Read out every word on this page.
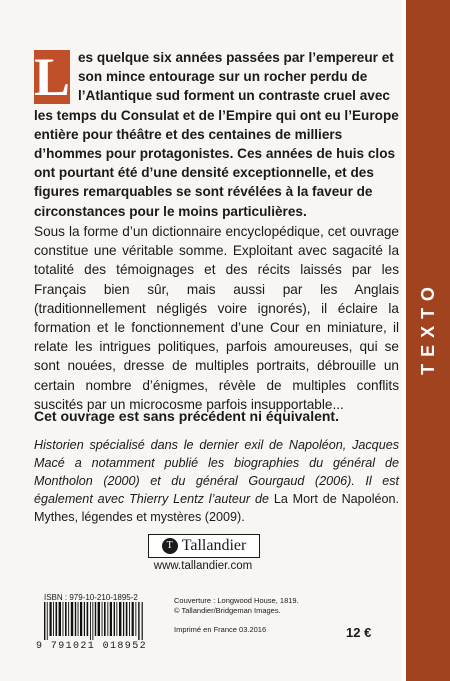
TEXTO
L es quelque six années passées par l’empereur et son mince entourage sur un rocher perdu de l’Atlantique sud forment un contraste cruel avec les temps du Consulat et de l’Empire qui ont eu l’Europe entière pour théâtre et des centaines de milliers d’hommes pour protagonistes. Ces années de huis clos ont pourtant été d’une densité exceptionnelle, et des figures remarquables se sont révélées à la faveur de circonstances pour le moins particulières.
Sous la forme d’un dictionnaire encyclopédique, cet ouvrage constitue une véritable somme. Exploitant avec sagacité la totalité des témoignages et des récits laissés par les Français bien sûr, mais aussi par les Anglais (traditionnellement négligés voire ignorés), il éclaire la formation et le fonctionnement d’une Cour en miniature, il relate les intrigues politiques, parfois amoureuses, qui se sont nouées, dresse de multiples portraits, débrouille un certain nombre d’énigmes, révèle de multiples conflits suscités par un microcosme parfois insupportable...
Cet ouvrage est sans précédent ni équivalent.
Historien spécialisé dans le dernier exil de Napoléon, Jacques Macé a notamment publié les biographies du général de Montholon (2000) et du général Gourgaud (2006). Il est également avec Thierry Lentz l’auteur de La Mort de Napoléon. Mythes, légendes et mystères (2009).
T Tallandier
www.tallandier.com
ISBN : 979-10-210-1895-2
9 791021 018952
Couverture : Longwood House, 1819.
© Tallandier/Bridgeman Images.
Imprimé en France 03.2016	12 €
